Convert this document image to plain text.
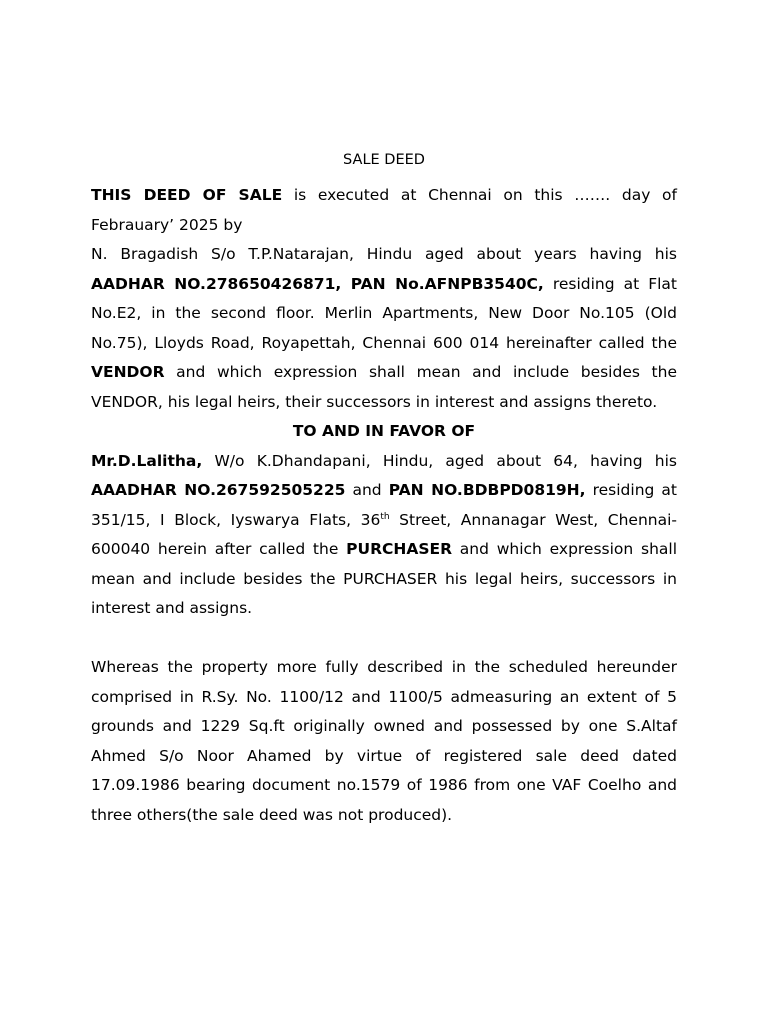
SALE DEED

THIS DEED OF SALE is executed at Chennai on this ……. day of Febrauary’ 2025 by

N. Bragadish S/o T.P.Natarajan, Hindu aged about years having his AADHAR NO.278650426871, PAN No.AFNPB3540C, residing at Flat No.E2, in the second floor. Merlin Apartments, New Door No.105 (Old No.75), Lloyds Road, Royapettah, Chennai 600 014 hereinafter called the VENDOR and which expression shall mean and include besides the VENDOR, his legal heirs, their successors in interest and assigns thereto.

TO AND IN FAVOR OF

Mr.D.Lalitha, W/o K.Dhandapani, Hindu, aged about 64, having his AAADHAR NO.267592505225 and PAN NO.BDBPD0819H, residing at 351/15, I Block, Iyswarya Flats, 36th Street, Annanagar West, Chennai-600040 herein after called the PURCHASER and which expression shall mean and include besides the PURCHASER his legal heirs, successors in interest and assigns.

Whereas the property more fully described in the scheduled hereunder comprised in R.Sy. No. 1100/12 and 1100/5 admeasuring an extent of 5 grounds and 1229 Sq.ft originally owned and possessed by one S.Altaf Ahmed S/o Noor Ahamed by virtue of registered sale deed dated 17.09.1986 bearing document no.1579 of 1986 from one VAF Coelho and three others(the sale deed was not produced).
